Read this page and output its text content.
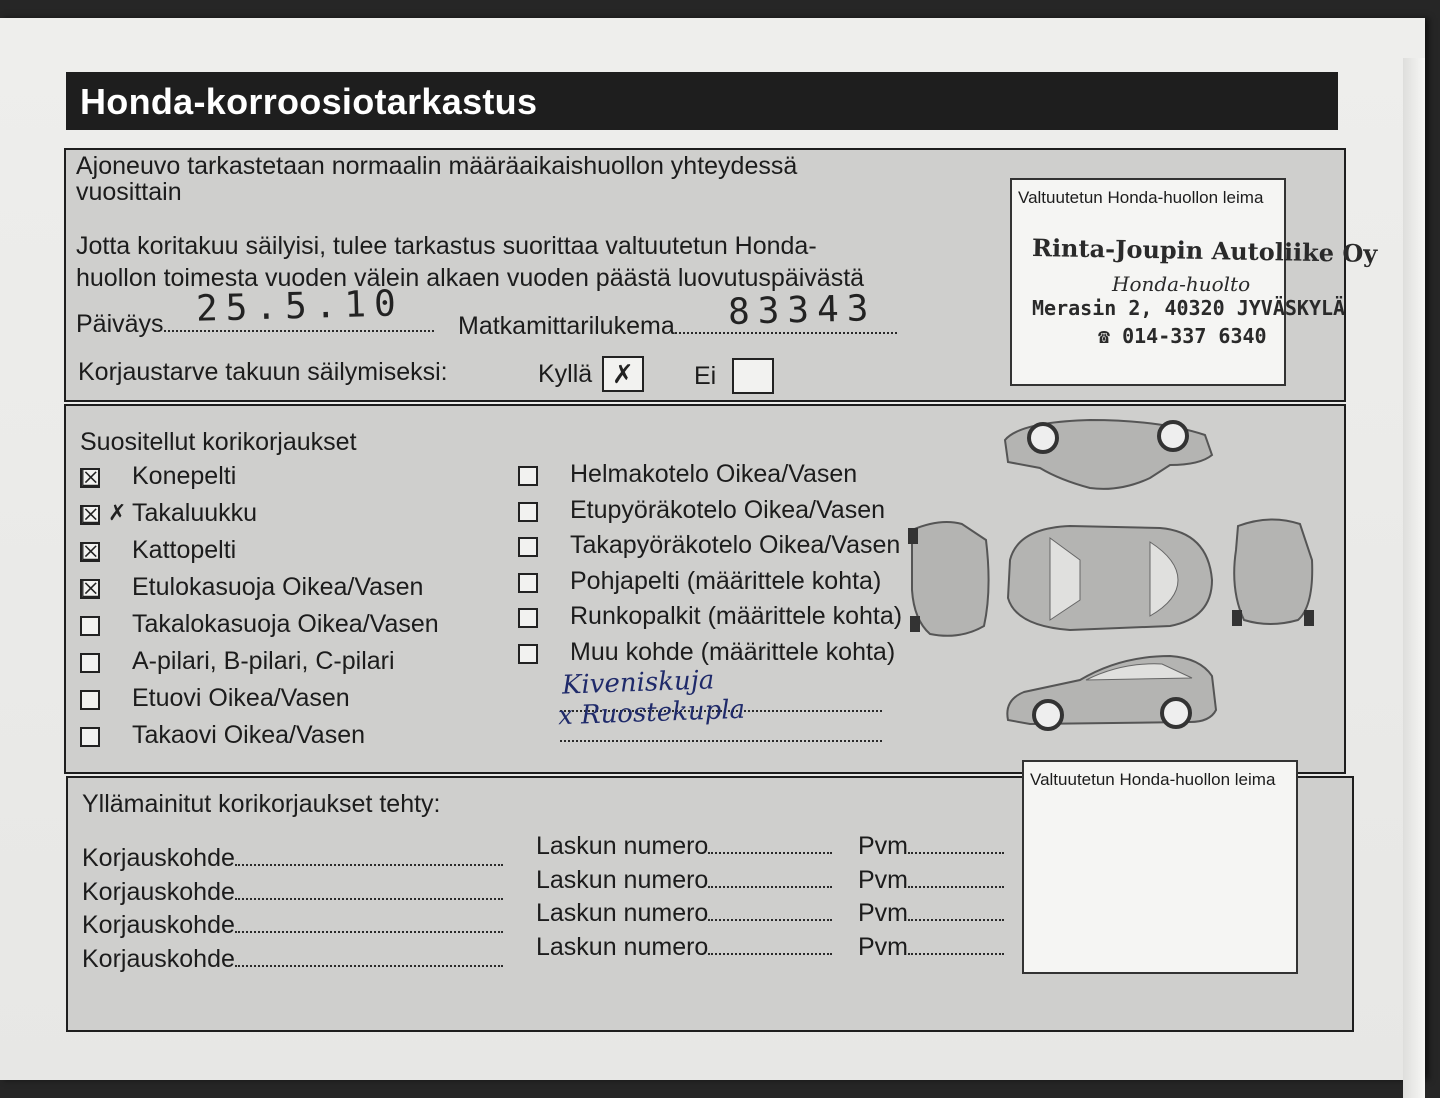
Honda-korroosiotarkastus
Ajoneuvo tarkastetaan normaalin määräaikaishuollon yhteydessä
vuosittain
Jotta koritakuu säilyisi, tulee tarkastus suorittaa valtuutetun Honda-
huollon toimesta vuoden välein alkaen vuoden päästä luovutuspäivästä
Päiväys 25.5.10 Matkamittarilukema	83343
Korjaustarve takuun säilymiseksi:	Kyllä ✗ Ei
Valtuutetun Honda-huollon leima
Rinta-Joupin Autoliike Oy
Honda-huolto
Merasin 2, 40320 JYVÄSKYLÄ
☎ 014-337 6340
Suositellut korikorjaukset
☒ Konepelti
☒ Takaluukku
☒ Kattopelti
☒ Etulokasuoja Oikea/Vasen
Takalokasuoja Oikea/Vasen
A-pilari, B-pilari, C-pilari
Etuovi Oikea/Vasen
Takaovi Oikea/Vasen
Helmakotelo Oikea/Vasen
Etupyöräkotelo Oikea/Vasen
Takapyöräkotelo Oikea/Vasen
Pohjapelti (määrittele kohta)
Runkopalkit (määrittele kohta)
Muu kohde (määrittele kohta)
✗
Kiveniskuja
x Ruostekupla
Yllämainitut korikorjaukset tehty:
Korjauskohde	Laskun numero	Pvm
Korjauskohde	Laskun numero	Pvm
Korjauskohde	Laskun numero	Pvm
Korjauskohde	Laskun numero	Pvm
Valtuutetun Honda-huollon leima
